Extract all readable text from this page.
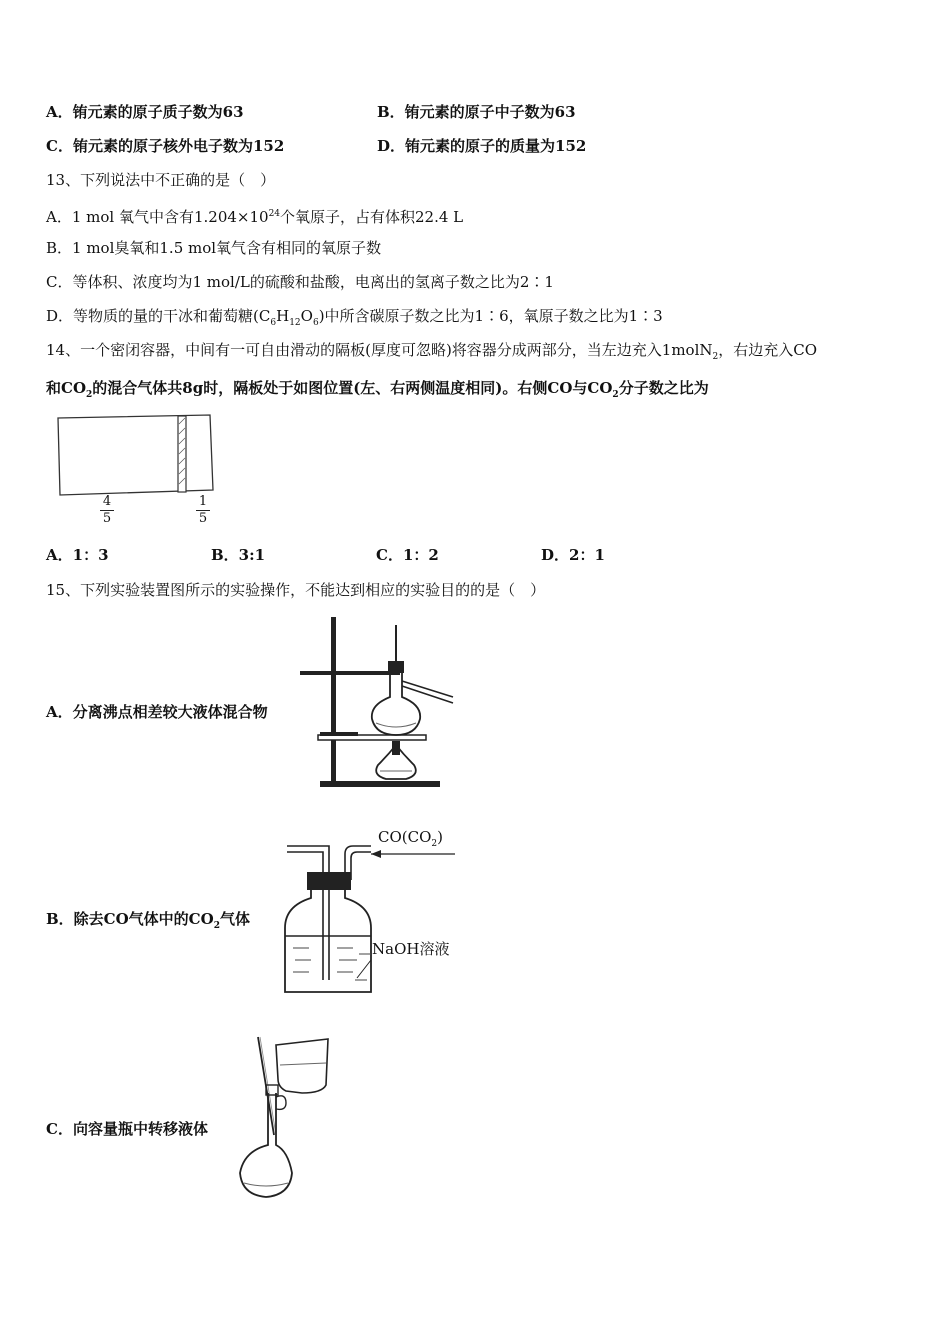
A．铕元素的原子质子数为63	B．铕元素的原子中子数为63
C．铕元素的原子核外电子数为152	D．铕元素的原子的质量为152
13、下列说法中不正确的是（　）
A．1 mol 氧气中含有$1.204\times 10^{24}$个氧原子，占有体积22.4 L
B．1 mol臭氧和1.5 mol氧气含有相同的氧原子数
C．等体积、浓度均为1 mol/L的硫酸和盐酸，电离出的氢离子数之比为2∶1
D．等物质的量的干冰和葡萄糖$(C_6H_{12}O_6)$中所含碳原子数之比为1∶6，氧原子数之比为1∶3
14、一个密闭容器，中间有一可自由滑动的隔板(厚度可忽略)将容器分成两部分，当左边充入1molN$_2$，右边充入CO
和$CO_2$的混合气体共8g时，隔板处于如图位置(左、右两侧温度相同)。右侧CO与$CO_2$分子数之比为
4
5
1
5
A．1：3	B．3:1	C．1：2	D．2：1
15、下列实验装置图所示的实验操作，不能达到相应的实验目的的是（　）
A．分离沸点相差较大液体混合物
B．除去CO气体中的$CO_2$气体
$CO(CO_2)$
NaOH溶液
C．向容量瓶中转移液体
